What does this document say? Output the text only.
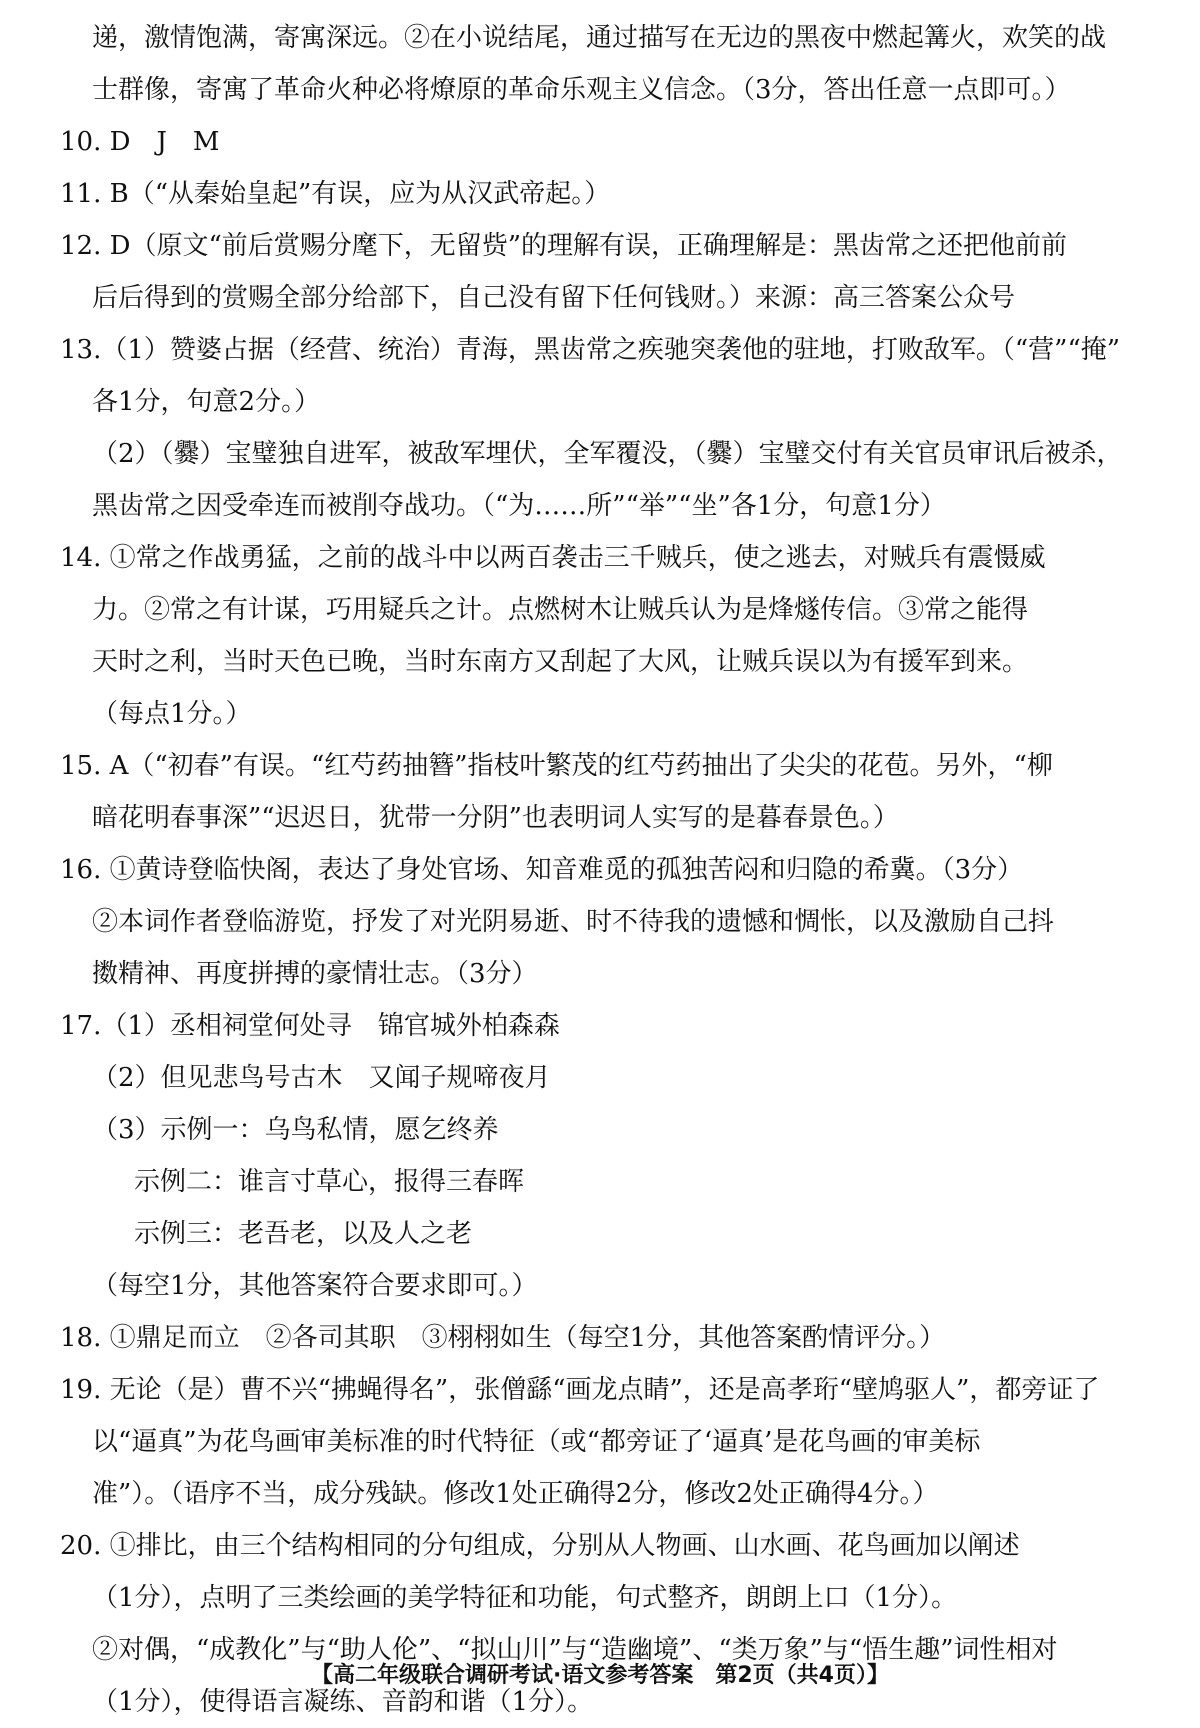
递，激情饱满，寄寓深远。②在小说结尾，通过描写在无边的黑夜中燃起篝火，欢笑的战
士群像，寄寓了革命火种必将燎原的革命乐观主义信念。（3分，答出任意一点即可。）
10. D　J　M
11. B（“从秦始皇起”有误，应为从汉武帝起。）
12. D（原文“前后赏赐分麾下，无留赀”的理解有误，正确理解是：黑齿常之还把他前前
后后得到的赏赐全部分给部下，自己没有留下任何钱财。）来源：高三答案公众号
13.（1）赞婆占据（经营、统治）青海，黑齿常之疾驰突袭他的驻地，打败敌军。（“营”“掩”
各1分，句意2分。）
（2）（爨）宝璧独自进军，被敌军埋伏，全军覆没，（爨）宝璧交付有关官员审讯后被杀，
黑齿常之因受牵连而被削夺战功。（“为……所”“举”“坐”各1分，句意1分）
14. ①常之作战勇猛，之前的战斗中以两百袭击三千贼兵，使之逃去，对贼兵有震慑威
力。②常之有计谋，巧用疑兵之计。点燃树木让贼兵认为是烽燧传信。③常之能得
天时之利，当时天色已晚，当时东南方又刮起了大风，让贼兵误以为有援军到来。
（每点1分。）
15. A（“初春”有误。“红芍药抽簪”指枝叶繁茂的红芍药抽出了尖尖的花苞。另外，“柳
暗花明春事深”“迟迟日，犹带一分阴”也表明词人实写的是暮春景色。）
16. ①黄诗登临快阁，表达了身处官场、知音难觅的孤独苦闷和归隐的希冀。（3分）
②本词作者登临游览，抒发了对光阴易逝、时不待我的遗憾和惆怅，以及激励自己抖
擞精神、再度拼搏的豪情壮志。（3分）
17.（1）丞相祠堂何处寻　锦官城外柏森森
（2）但见悲鸟号古木　又闻子规啼夜月
（3）示例一：乌鸟私情，愿乞终养
示例二：谁言寸草心，报得三春晖
示例三：老吾老，以及人之老
（每空1分，其他答案符合要求即可。）
18. ①鼎足而立　②各司其职　③栩栩如生（每空1分，其他答案酌情评分。）
19. 无论（是）曹不兴“拂蝇得名”，张僧繇“画龙点睛”，还是高孝珩“壁鸠驱人”，都旁证了
以“逼真”为花鸟画审美标准的时代特征（或“都旁证了‘逼真’是花鸟画的审美标
准”）。（语序不当，成分残缺。修改1处正确得2分，修改2处正确得4分。）
20. ①排比，由三个结构相同的分句组成，分别从人物画、山水画、花鸟画加以阐述
（1分），点明了三类绘画的美学特征和功能，句式整齐，朗朗上口（1分）。
②对偶，“成教化”与“助人伦”、“拟山川”与“造幽境”、“类万象”与“悟生趣”词性相对
（1分），使得语言凝练、音韵和谐（1分）。
【高二年级联合调研考试·语文参考答案　第2页（共4页）】
